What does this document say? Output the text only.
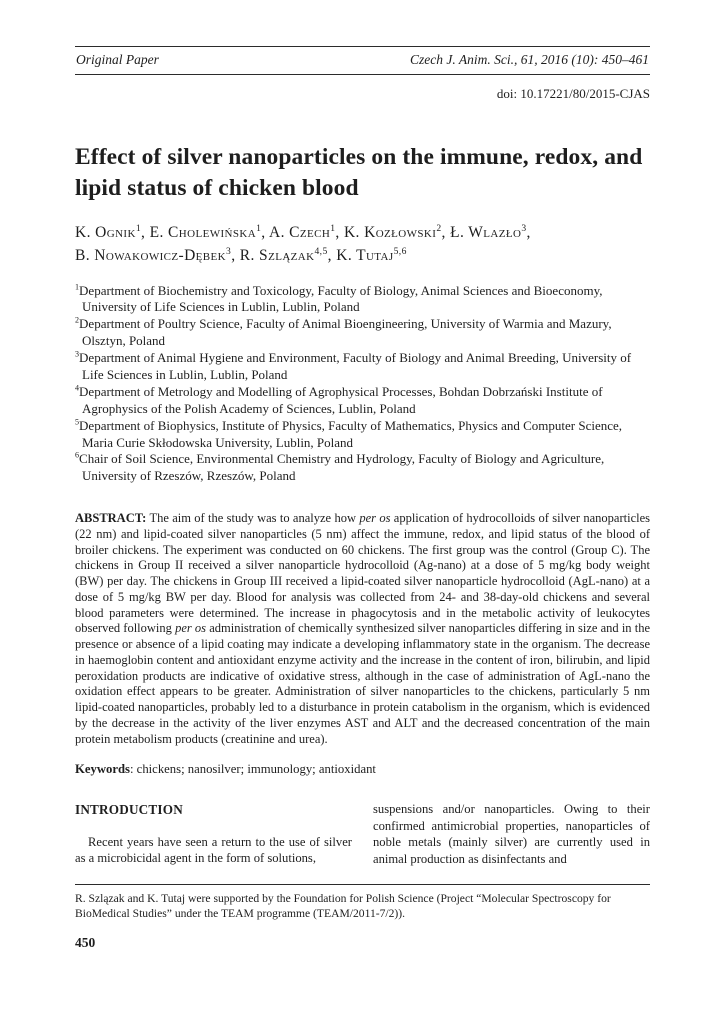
Original Paper	Czech J. Anim. Sci., 61, 2016 (10): 450–461
doi: 10.17221/80/2015-CJAS
Effect of silver nanoparticles on the immune, redox, and lipid status of chicken blood
K. Ognik$^1$, E. Cholewińska$^1$, A. Czech$^1$, K. Kozłowski$^2$, Ł. Wlazło$^3$,
B. Nowakowicz-Dębek$^3$, R. Szlązak$^{4,5}$, K. Tutaj$^{5,6}$
$^1$Department of Biochemistry and Toxicology, Faculty of Biology, Animal Sciences and Bioeconomy, University of Life Sciences in Lublin, Lublin, Poland
$^2$Department of Poultry Science, Faculty of Animal Bioengineering, University of Warmia and Mazury, Olsztyn, Poland
$^3$Department of Animal Hygiene and Environment, Faculty of Biology and Animal Breeding, University of Life Sciences in Lublin, Lublin, Poland
$^4$Department of Metrology and Modelling of Agrophysical Processes, Bohdan Dobrzański Institute of Agrophysics of the Polish Academy of Sciences, Lublin, Poland
$^5$Department of Biophysics, Institute of Physics, Faculty of Mathematics, Physics and Computer Science, Maria Curie Skłodowska University, Lublin, Poland
$^6$Chair of Soil Science, Environmental Chemistry and Hydrology, Faculty of Biology and Agriculture, University of Rzeszów, Rzeszów, Poland

ABSTRACT: The aim of the study was to analyze how per os application of hydrocolloids of silver nanoparticles (22 nm) and lipid-coated silver nanoparticles (5 nm) affect the immune, redox, and lipid status of the blood of broiler chickens. The experiment was conducted on 60 chickens. The first group was the control (Group C). The chickens in Group II received a silver nanoparticle hydrocolloid (Ag-nano) at a dose of 5 mg/kg body weight (BW) per day. The chickens in Group III received a lipid-coated silver nanoparticle hydrocolloid (AgL-nano) at a dose of 5 mg/kg BW per day. Blood for analysis was collected from 24- and 38-day-old chickens and several blood parameters were determined. The increase in phagocytosis and in the metabolic activity of leukocytes observed following per os administration of chemically synthesized silver nanoparticles differing in size and in the presence or absence of a lipid coating may indicate a developing inflammatory state in the organism. The decrease in haemoglobin content and antioxidant enzyme activity and the increase in the content of iron, bilirubin, and lipid peroxidation products are indicative of oxidative stress, although in the case of administration of AgL-nano the oxidation effect appears to be greater. Administration of silver nanoparticles to the chickens, particularly 5 nm lipid-coated nanoparticles, probably led to a disturbance in protein catabolism in the organism, which is evidenced by the decrease in the activity of the liver enzymes AST and ALT and the decreased concentration of the main protein metabolism products (creatinine and urea).

Keywords: chickens; nanosilver; immunology; antioxidant

INTRODUCTION

Recent years have seen a return to the use of silver as a microbicidal agent in the form of solutions,

suspensions and/or nanoparticles. Owing to their confirmed antimicrobial properties, nanoparticles of noble metals (mainly silver) are currently used in animal production as disinfectants and

R. Szlązak and K. Tutaj were supported by the Foundation for Polish Science (Project “Molecular Spectroscopy for BioMedical Studies” under the TEAM programme (TEAM/2011-7/2)).
450
